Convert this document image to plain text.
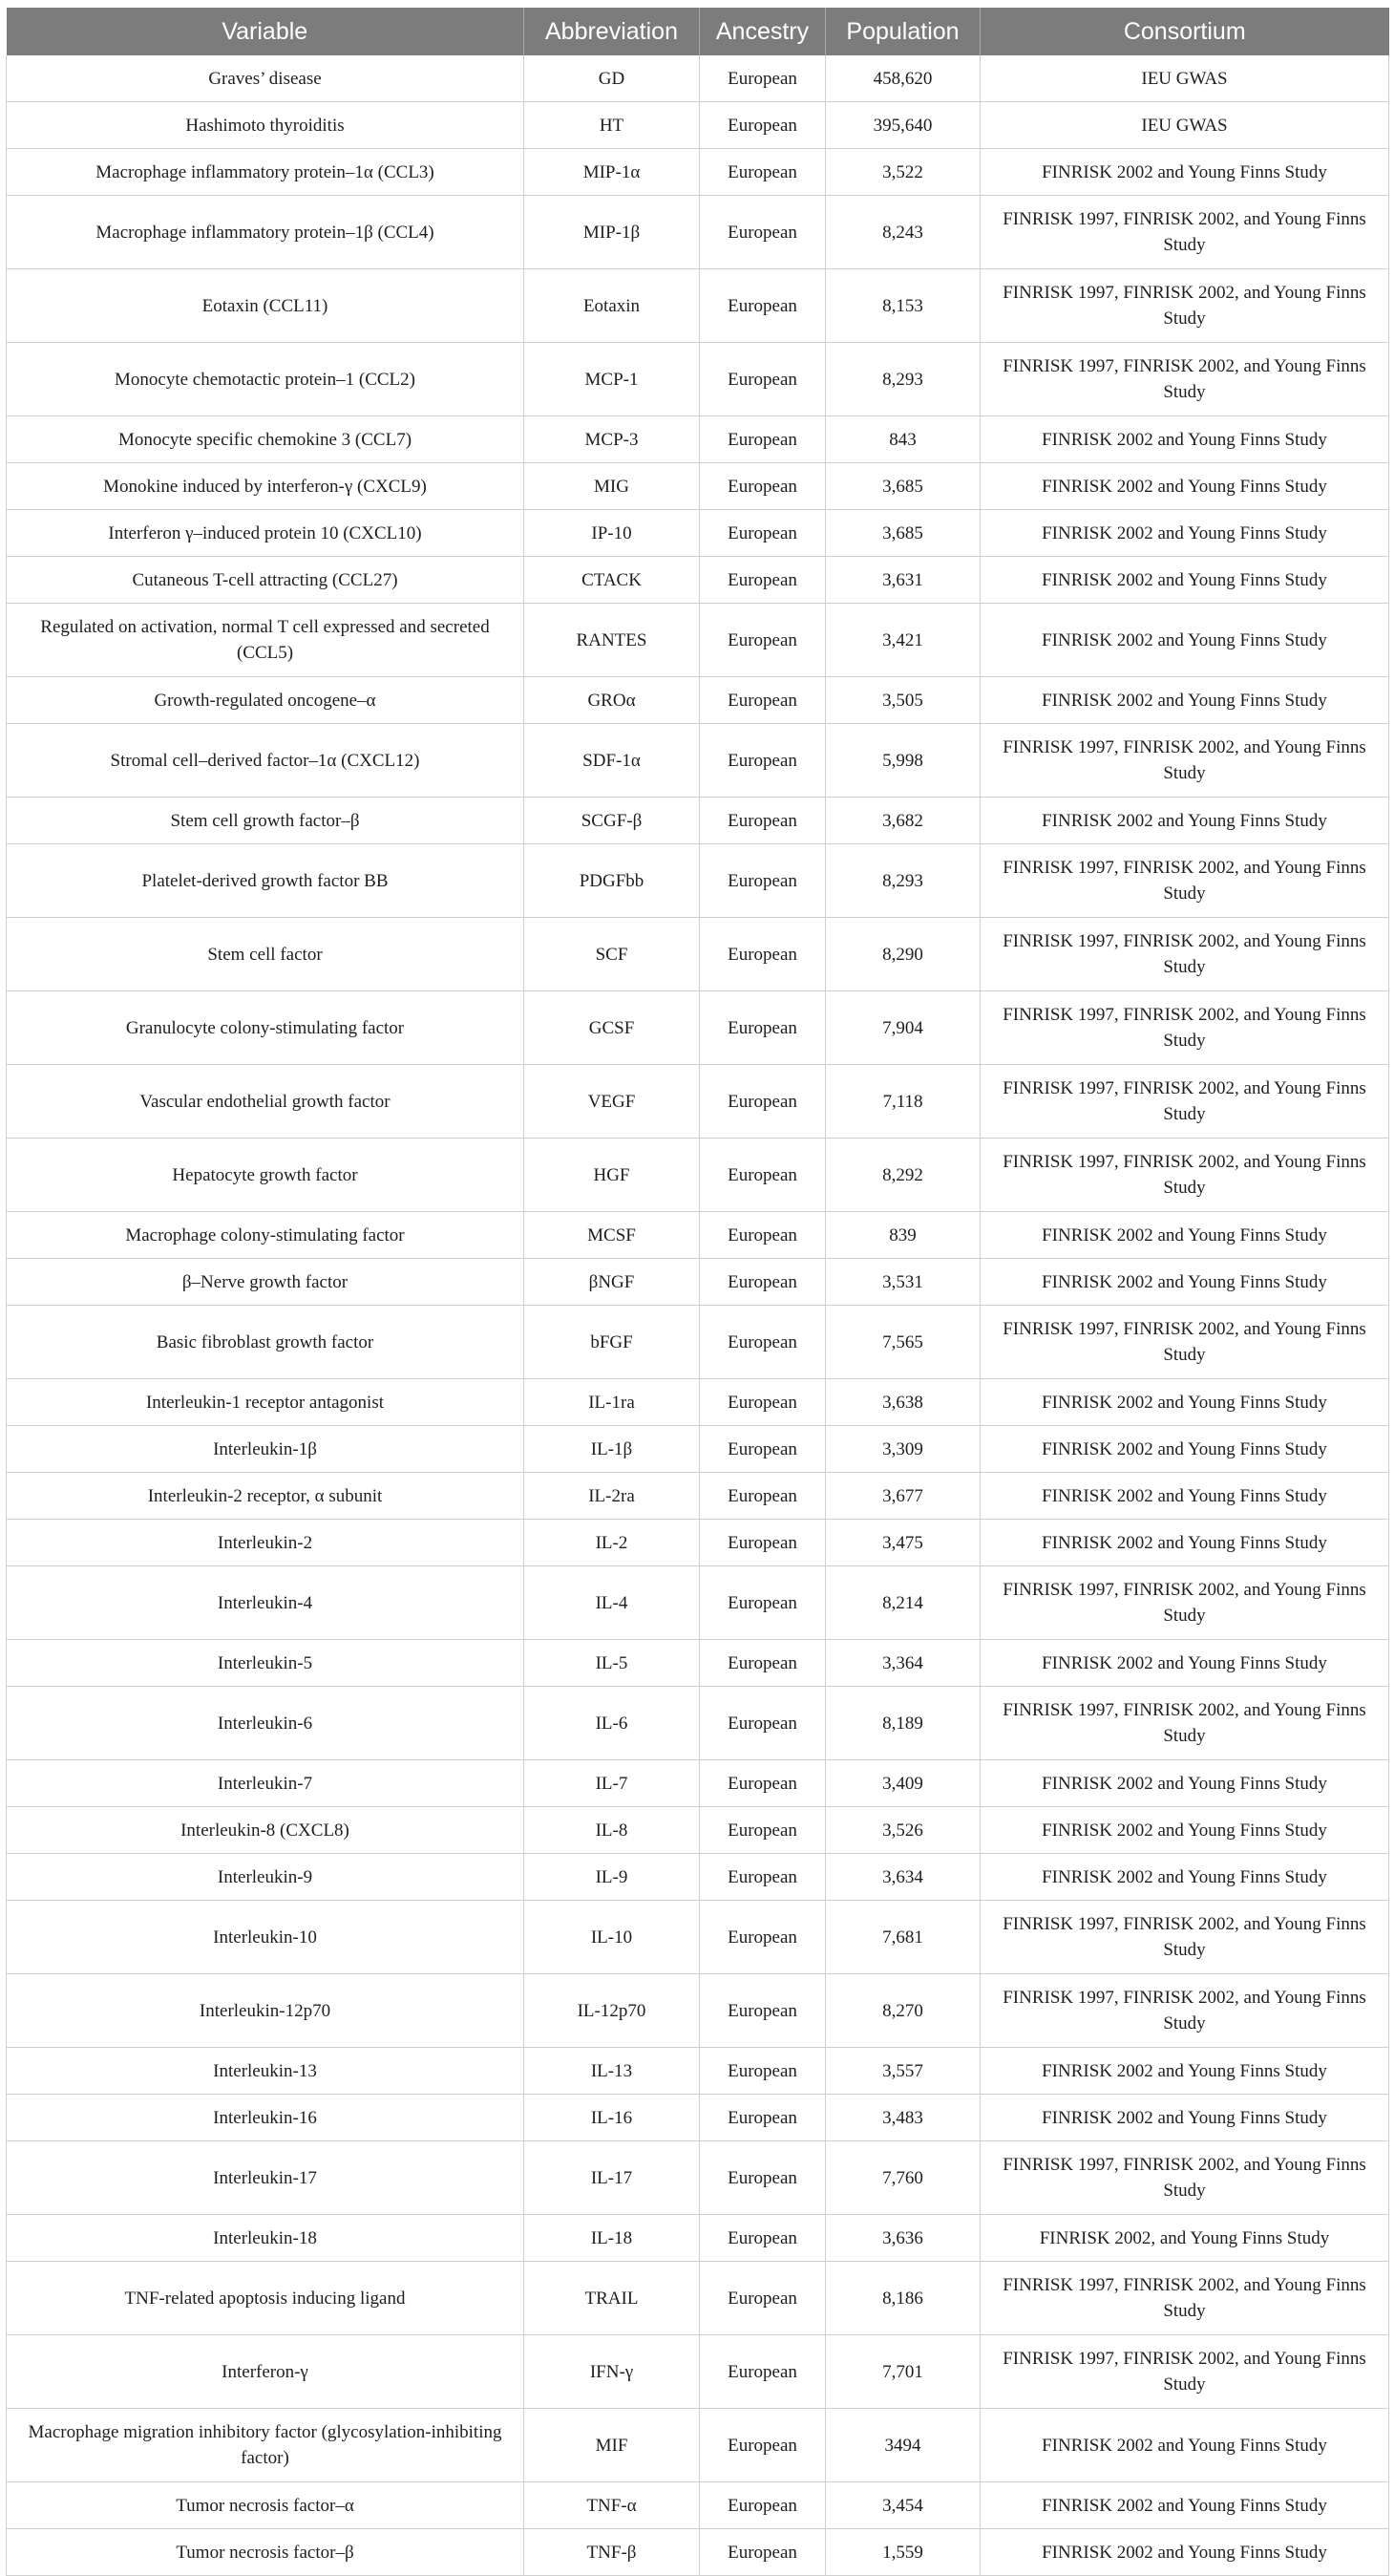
Variable	Abbreviation	Ancestry	Population	Consortium
Graves’ disease	GD	European	458,620	IEU GWAS
Hashimoto thyroiditis	HT	European	395,640	IEU GWAS
Macrophage inflammatory protein–1α (CCL3)	MIP-1α	European	3,522	FINRISK 2002 and Young Finns Study
Macrophage inflammatory protein–1β (CCL4)	MIP-1β	European	8,243	FINRISK 1997, FINRISK 2002, and Young Finns Study
Eotaxin (CCL11)	Eotaxin	European	8,153	FINRISK 1997, FINRISK 2002, and Young Finns Study
Monocyte chemotactic protein–1 (CCL2)	MCP-1	European	8,293	FINRISK 1997, FINRISK 2002, and Young Finns Study
Monocyte specific chemokine 3 (CCL7)	MCP-3	European	843	FINRISK 2002 and Young Finns Study
Monokine induced by interferon-γ (CXCL9)	MIG	European	3,685	FINRISK 2002 and Young Finns Study
Interferon γ–induced protein 10 (CXCL10)	IP-10	European	3,685	FINRISK 2002 and Young Finns Study
Cutaneous T-cell attracting (CCL27)	CTACK	European	3,631	FINRISK 2002 and Young Finns Study
Regulated on activation, normal T cell expressed and secreted (CCL5)	RANTES	European	3,421	FINRISK 2002 and Young Finns Study
Growth-regulated oncogene–α	GROα	European	3,505	FINRISK 2002 and Young Finns Study
Stromal cell–derived factor–1α (CXCL12)	SDF-1α	European	5,998	FINRISK 1997, FINRISK 2002, and Young Finns Study
Stem cell growth factor–β	SCGF-β	European	3,682	FINRISK 2002 and Young Finns Study
Platelet-derived growth factor BB	PDGFbb	European	8,293	FINRISK 1997, FINRISK 2002, and Young Finns Study
Stem cell factor	SCF	European	8,290	FINRISK 1997, FINRISK 2002, and Young Finns Study
Granulocyte colony-stimulating factor	GCSF	European	7,904	FINRISK 1997, FINRISK 2002, and Young Finns Study
Vascular endothelial growth factor	VEGF	European	7,118	FINRISK 1997, FINRISK 2002, and Young Finns Study
Hepatocyte growth factor	HGF	European	8,292	FINRISK 1997, FINRISK 2002, and Young Finns Study
Macrophage colony-stimulating factor	MCSF	European	839	FINRISK 2002 and Young Finns Study
β–Nerve growth factor	βNGF	European	3,531	FINRISK 2002 and Young Finns Study
Basic fibroblast growth factor	bFGF	European	7,565	FINRISK 1997, FINRISK 2002, and Young Finns Study
Interleukin-1 receptor antagonist	IL-1ra	European	3,638	FINRISK 2002 and Young Finns Study
Interleukin-1β	IL-1β	European	3,309	FINRISK 2002 and Young Finns Study
Interleukin-2 receptor, α subunit	IL-2ra	European	3,677	FINRISK 2002 and Young Finns Study
Interleukin-2	IL-2	European	3,475	FINRISK 2002 and Young Finns Study
Interleukin-4	IL-4	European	8,214	FINRISK 1997, FINRISK 2002, and Young Finns Study
Interleukin-5	IL-5	European	3,364	FINRISK 2002 and Young Finns Study
Interleukin-6	IL-6	European	8,189	FINRISK 1997, FINRISK 2002, and Young Finns Study
Interleukin-7	IL-7	European	3,409	FINRISK 2002 and Young Finns Study
Interleukin-8 (CXCL8)	IL-8	European	3,526	FINRISK 2002 and Young Finns Study
Interleukin-9	IL-9	European	3,634	FINRISK 2002 and Young Finns Study
Interleukin-10	IL-10	European	7,681	FINRISK 1997, FINRISK 2002, and Young Finns Study
Interleukin-12p70	IL-12p70	European	8,270	FINRISK 1997, FINRISK 2002, and Young Finns Study
Interleukin-13	IL-13	European	3,557	FINRISK 2002 and Young Finns Study
Interleukin-16	IL-16	European	3,483	FINRISK 2002 and Young Finns Study
Interleukin-17	IL-17	European	7,760	FINRISK 1997, FINRISK 2002, and Young Finns Study
Interleukin-18	IL-18	European	3,636	FINRISK 2002, and Young Finns Study
TNF-related apoptosis inducing ligand	TRAIL	European	8,186	FINRISK 1997, FINRISK 2002, and Young Finns Study
Interferon-γ	IFN-γ	European	7,701	FINRISK 1997, FINRISK 2002, and Young Finns Study
Macrophage migration inhibitory factor (glycosylation-inhibiting factor)	MIF	European	3494	FINRISK 2002 and Young Finns Study
Tumor necrosis factor–α	TNF-α	European	3,454	FINRISK 2002 and Young Finns Study
Tumor necrosis factor–β	TNF-β	European	1,559	FINRISK 2002 and Young Finns Study
